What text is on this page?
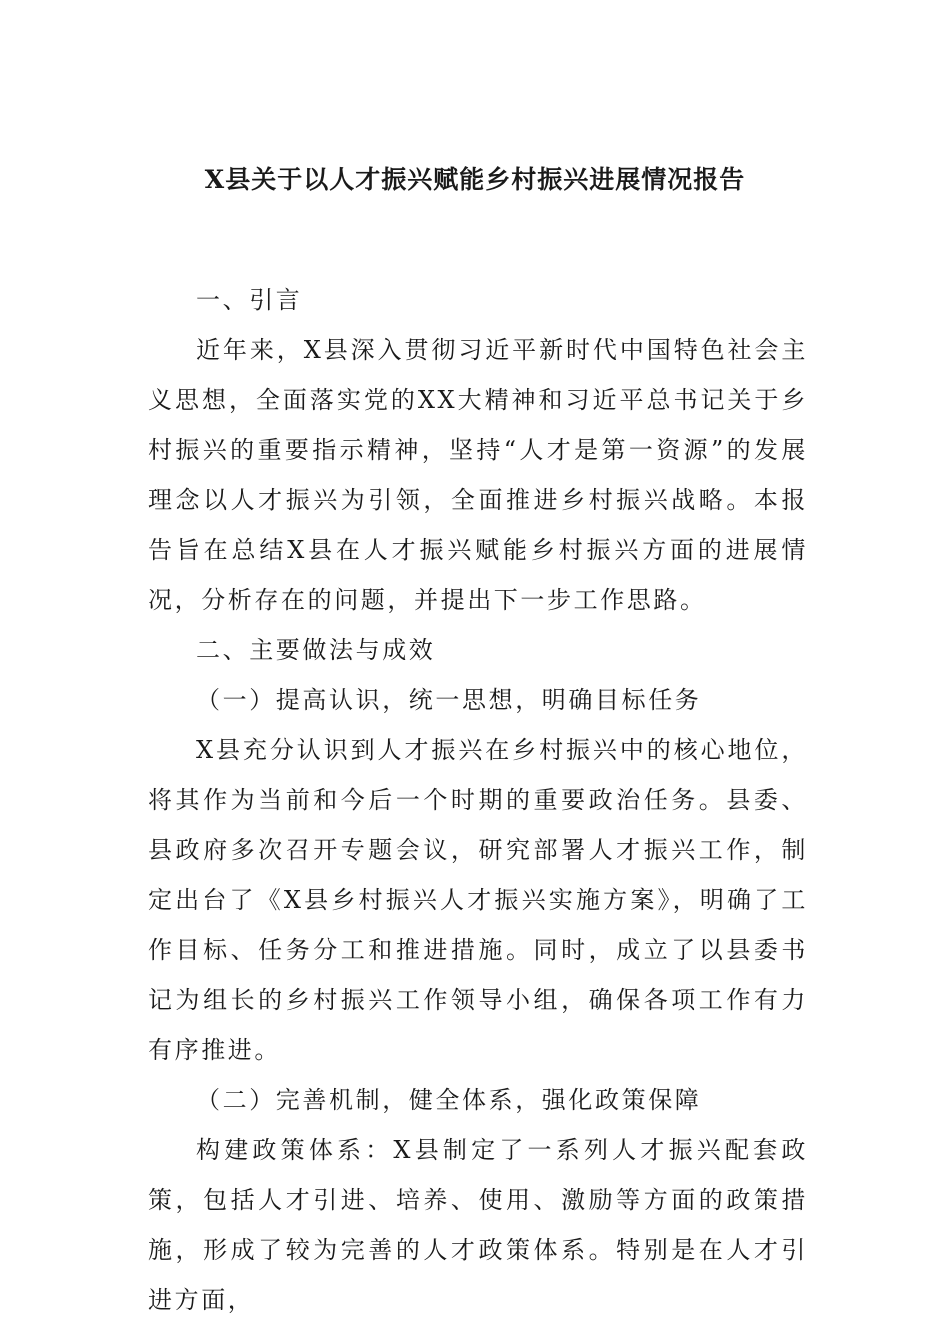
X县关于以人才振兴赋能乡村振兴进展情况报告

一、引言

近年来，X县深入贯彻习近平新时代中国特色社会主义思想，全面落实党的XX大精神和习近平总书记关于乡村振兴的重要指示精神，坚持“人才是第一资源”的发展理念以人才振兴为引领，全面推进乡村振兴战略。本报告旨在总结X县在人才振兴赋能乡村振兴方面的进展情况，分析存在的问题，并提出下一步工作思路。

二、主要做法与成效

（一）提高认识，统一思想，明确目标任务

X县充分认识到人才振兴在乡村振兴中的核心地位，将其作为当前和今后一个时期的重要政治任务。县委、县政府多次召开专题会议，研究部署人才振兴工作，制定出台了《X县乡村振兴人才振兴实施方案》，明确了工作目标、任务分工和推进措施。同时，成立了以县委书记为组长的乡村振兴工作领导小组，确保各项工作有力有序推进。

（二）完善机制，健全体系，强化政策保障

构建政策体系：X县制定了一系列人才振兴配套政策，包括人才引进、培养、使用、激励等方面的政策措施，形成了较为完善的人才政策体系。特别是在人才引进方面，
